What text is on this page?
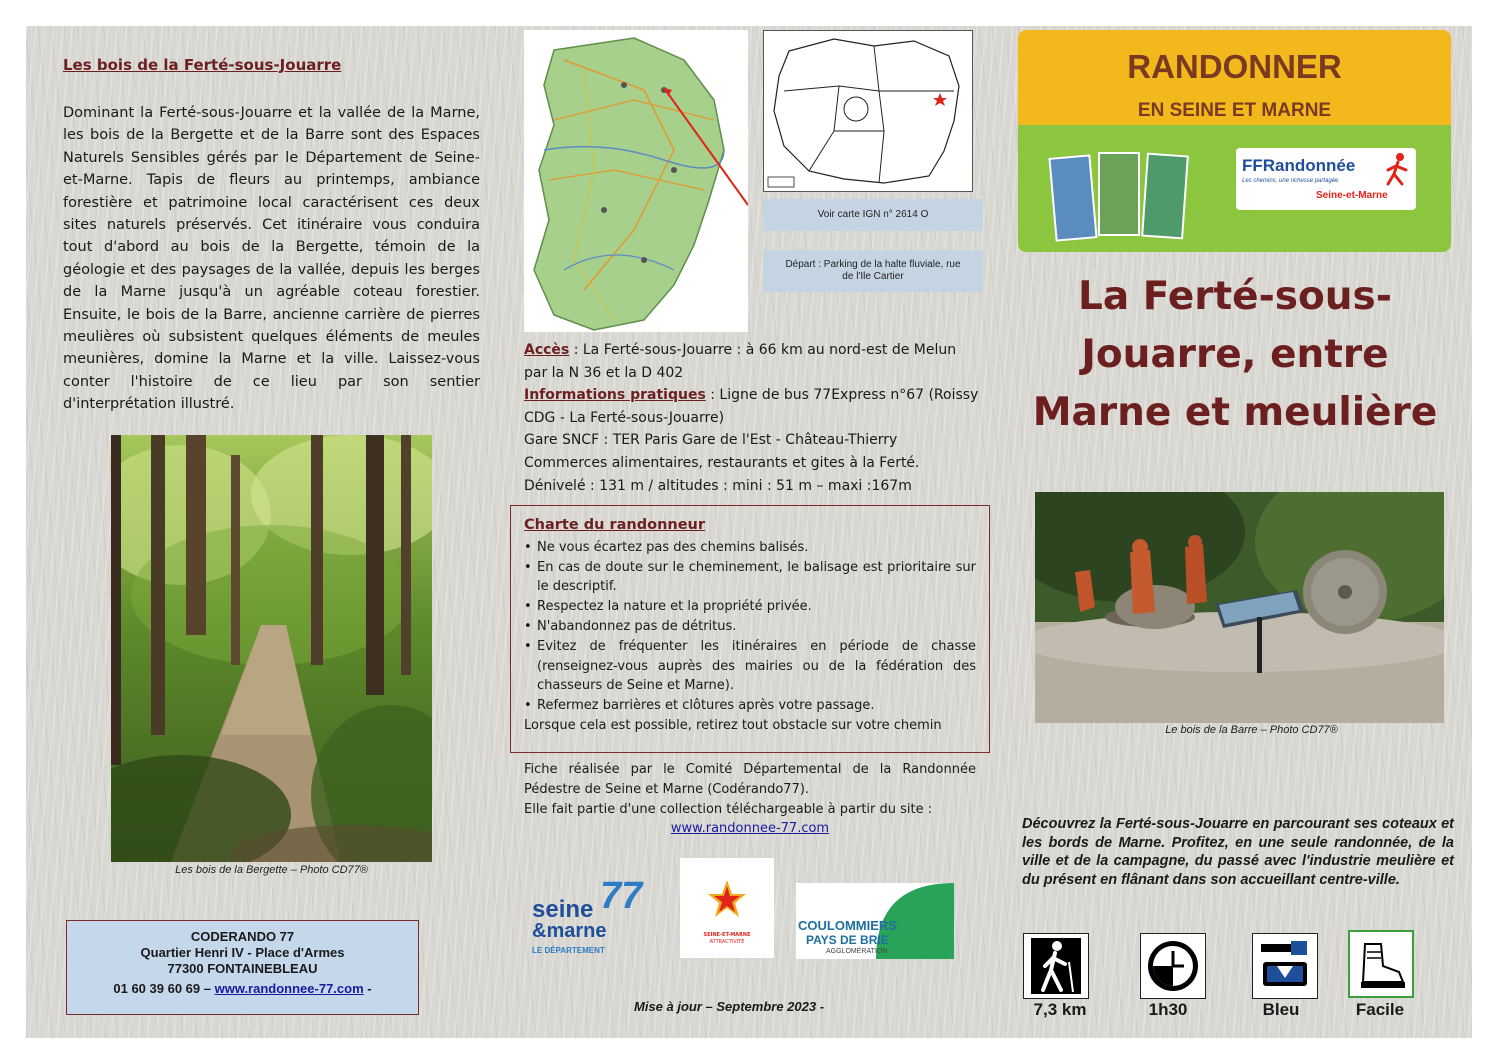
Les bois de la Ferté-sous-Jouarre
Dominant la Ferté-sous-Jouarre et la vallée de la Marne, les bois de la Bergette et de la Barre sont des Espaces Naturels Sensibles gérés par le Département de Seine-et-Marne. Tapis de fleurs au printemps, ambiance forestière et patrimoine local caractérisent ces deux sites naturels préservés. Cet itinéraire vous conduira tout d'abord au bois de la Bergette, témoin de la géologie et des paysages de la vallée, depuis les berges de la Marne jusqu'à un agréable coteau forestier. Ensuite, le bois de la Barre, ancienne carrière de pierres meulières où subsistent quelques éléments de meules meunières, domine la Marne et la ville. Laissez-vous conter l'histoire de ce lieu par son sentier d'interprétation illustré.
Les bois de la Bergette – Photo CD77®
CODERANDO 77
Quartier Henri IV - Place d'Armes
77300 FONTAINEBLEAU
01 60 39 60 69 – www.randonnee-77.com -
Voir carte IGN n° 2614 O
Départ : Parking de la halte fluviale, rue de l'Ile Cartier
Accès : La Ferté-sous-Jouarre : à 66 km au nord-est de Melun par la N 36 et la D 402
Informations pratiques : Ligne de bus 77Express n°67 (Roissy CDG - La Ferté-sous-Jouarre)
Gare SNCF : TER Paris Gare de l'Est - Château-Thierry
Commerces alimentaires, restaurants et gites à la Ferté.
Dénivelé : 131 m / altitudes : mini : 51 m – maxi :167m
Charte du randonneur
• Ne vous écartez pas des chemins balisés.
• En cas de doute sur le cheminement, le balisage est prioritaire sur le descriptif.
• Respectez la nature et la propriété privée.
• N'abandonnez pas de détritus.
• Evitez de fréquenter les itinéraires en période de chasse (renseignez-vous auprès des mairies ou de la fédération des chasseurs de Seine et Marne).
• Refermez barrières et clôtures après votre passage.
Lorsque cela est possible, retirez tout obstacle sur votre chemin
Fiche réalisée par le Comité Départemental de la Randonnée Pédestre de Seine et Marne (Codérando77).
Elle fait partie d'une collection téléchargeable à partir du site :
www.randonnee-77.com
77
seine
&marne
LE DÉPARTEMENT
SEINE-ET-MARNE
ATTRACTIVITÉ
COULOMMIERS
PAYS DE BRIE
AGGLOMÉRATION
Mise à jour – Septembre 2023 -
RANDONNER
EN SEINE ET MARNE
FFRandonnée
Les chemins, une richesse partagée
Seine-et-Marne
La Ferté-sous-Jouarre, entre Marne et meulière
Le bois de la Barre – Photo CD77®
Découvrez la Ferté-sous-Jouarre en parcourant ses coteaux et les bords de Marne. Profitez, en une seule randonnée, de la ville et de la campagne, du passé avec l'industrie meulière et du présent en flânant dans son accueillant centre-ville.
7,3 km	1h30	Bleu	Facile
